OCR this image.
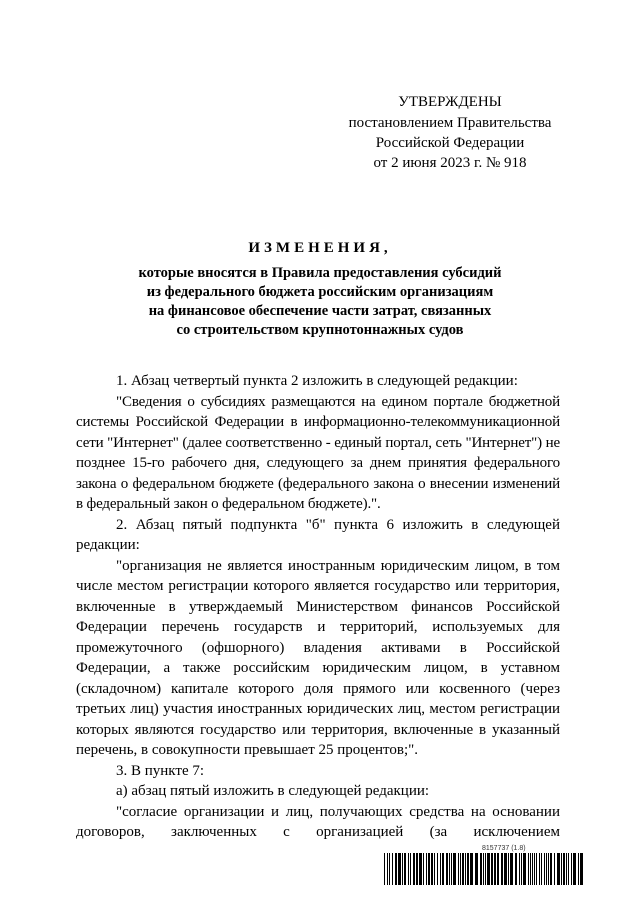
УТВЕРЖДЕНЫ
постановлением Правительства
Российской Федерации
от 2 июня 2023 г. № 918
ИЗМЕНЕНИЯ,
которые вносятся в Правила предоставления субсидий
из федерального бюджета российским организациям
на финансовое обеспечение части затрат, связанных
со строительством крупнотоннажных судов

1. Абзац четвертый пункта 2 изложить в следующей редакции:

"Сведения о субсидиях размещаются на едином портале бюджетной системы Российской Федерации в информационно-телекоммуникационной сети "Интернет" (далее соответственно - единый портал, сеть "Интернет") не позднее 15-го рабочего дня, следующего за днем принятия федерального закона о федеральном бюджете (федерального закона о внесении изменений в федеральный закон о федеральном бюджете).".

2. Абзац пятый подпункта "б" пункта 6 изложить в следующей редакции:

"организация не является иностранным юридическим лицом, в том числе местом регистрации которого является государство или территория, включенные в утверждаемый Министерством финансов Российской Федерации перечень государств и территорий, используемых для промежуточного (офшорного) владения активами в Российской Федерации, а также российским юридическим лицом, в уставном (складочном) капитале которого доля прямого или косвенного (через третьих лиц) участия иностранных юридических лиц, местом регистрации которых являются государство или территория, включенные в указанный перечень, в совокупности превышает 25 процентов;".

3. В пункте 7:

а) абзац пятый изложить в следующей редакции:

"согласие организации и лиц, получающих средства на основании договоров, заключенных с организацией (за исключением

8157737 (1.8)
